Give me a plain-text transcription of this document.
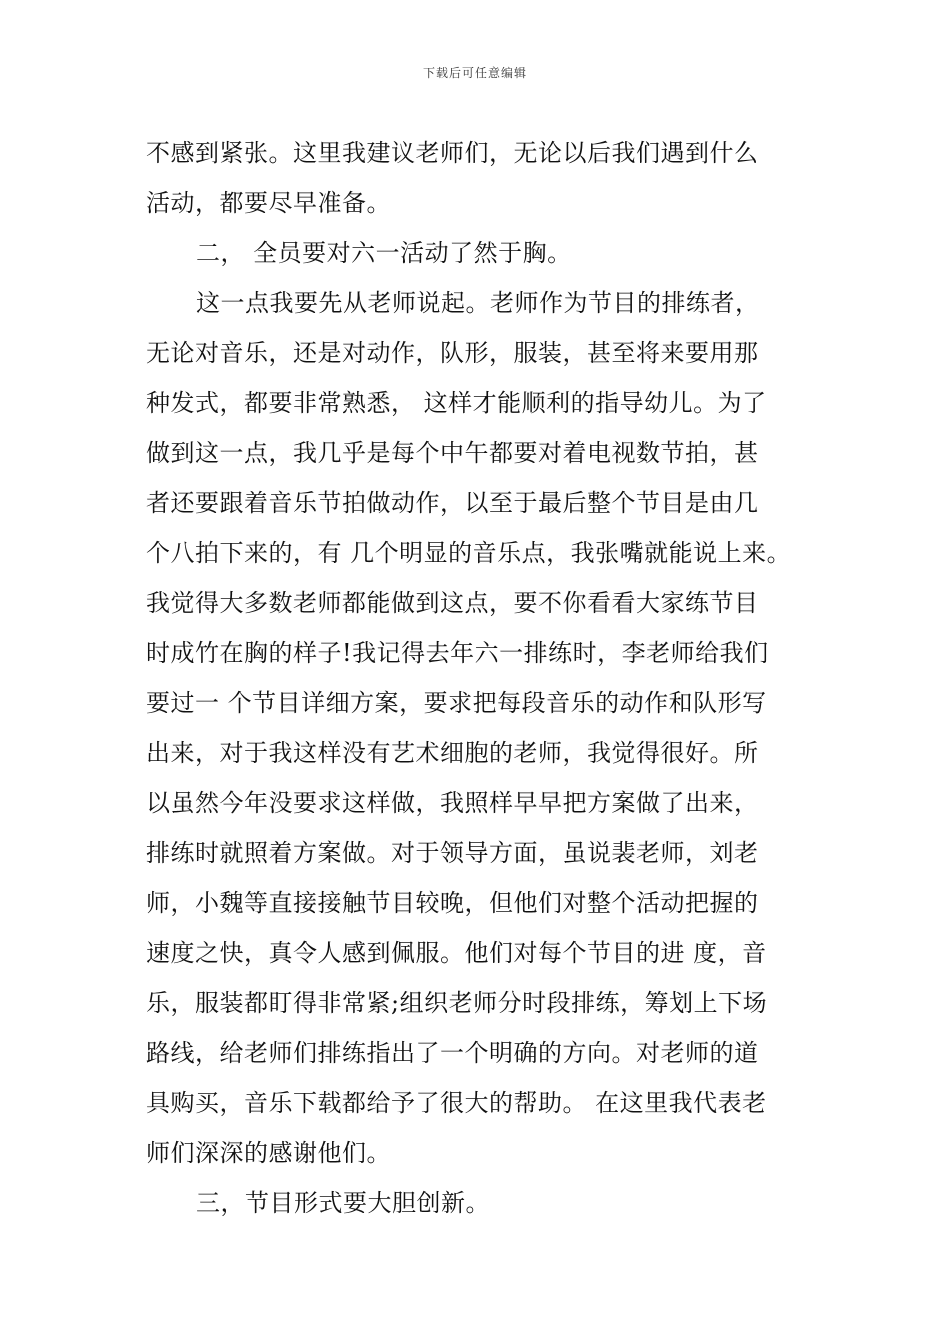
下载后可任意编辑
不感到紧张。这里我建议老师们，无论以后我们遇到什么
活动，都要尽早准备。
二， 全员要对六一活动了然于胸。
这一点我要先从老师说起。老师作为节目的排练者，
无论对音乐，还是对动作，队形，服装，甚至将来要用那
种发式，都要非常熟悉， 这样才能顺利的指导幼儿。为了
做到这一点，我几乎是每个中午都要对着电视数节拍，甚
者还要跟着音乐节拍做动作，以至于最后整个节目是由几
个八拍下来的，有 几个明显的音乐点，我张嘴就能说上来。
我觉得大多数老师都能做到这点，要不你看看大家练节目
时成竹在胸的样子!我记得去年六一排练时，李老师给我们
要过一 个节目详细方案，要求把每段音乐的动作和队形写
出来，对于我这样没有艺术细胞的老师，我觉得很好。所
以虽然今年没要求这样做，我照样早早把方案做了出来，
排练时就照着方案做。对于领导方面，虽说裴老师，刘老
师，小魏等直接接触节目较晚，但他们对整个活动把握的
速度之快，真令人感到佩服。他们对每个节目的进 度，音
乐，服装都盯得非常紧;组织老师分时段排练，筹划上下场
路线，给老师们排练指出了一个明确的方向。对老师的道
具购买，音乐下载都给予了很大的帮助。 在这里我代表老
师们深深的感谢他们。
三，节目形式要大胆创新。
